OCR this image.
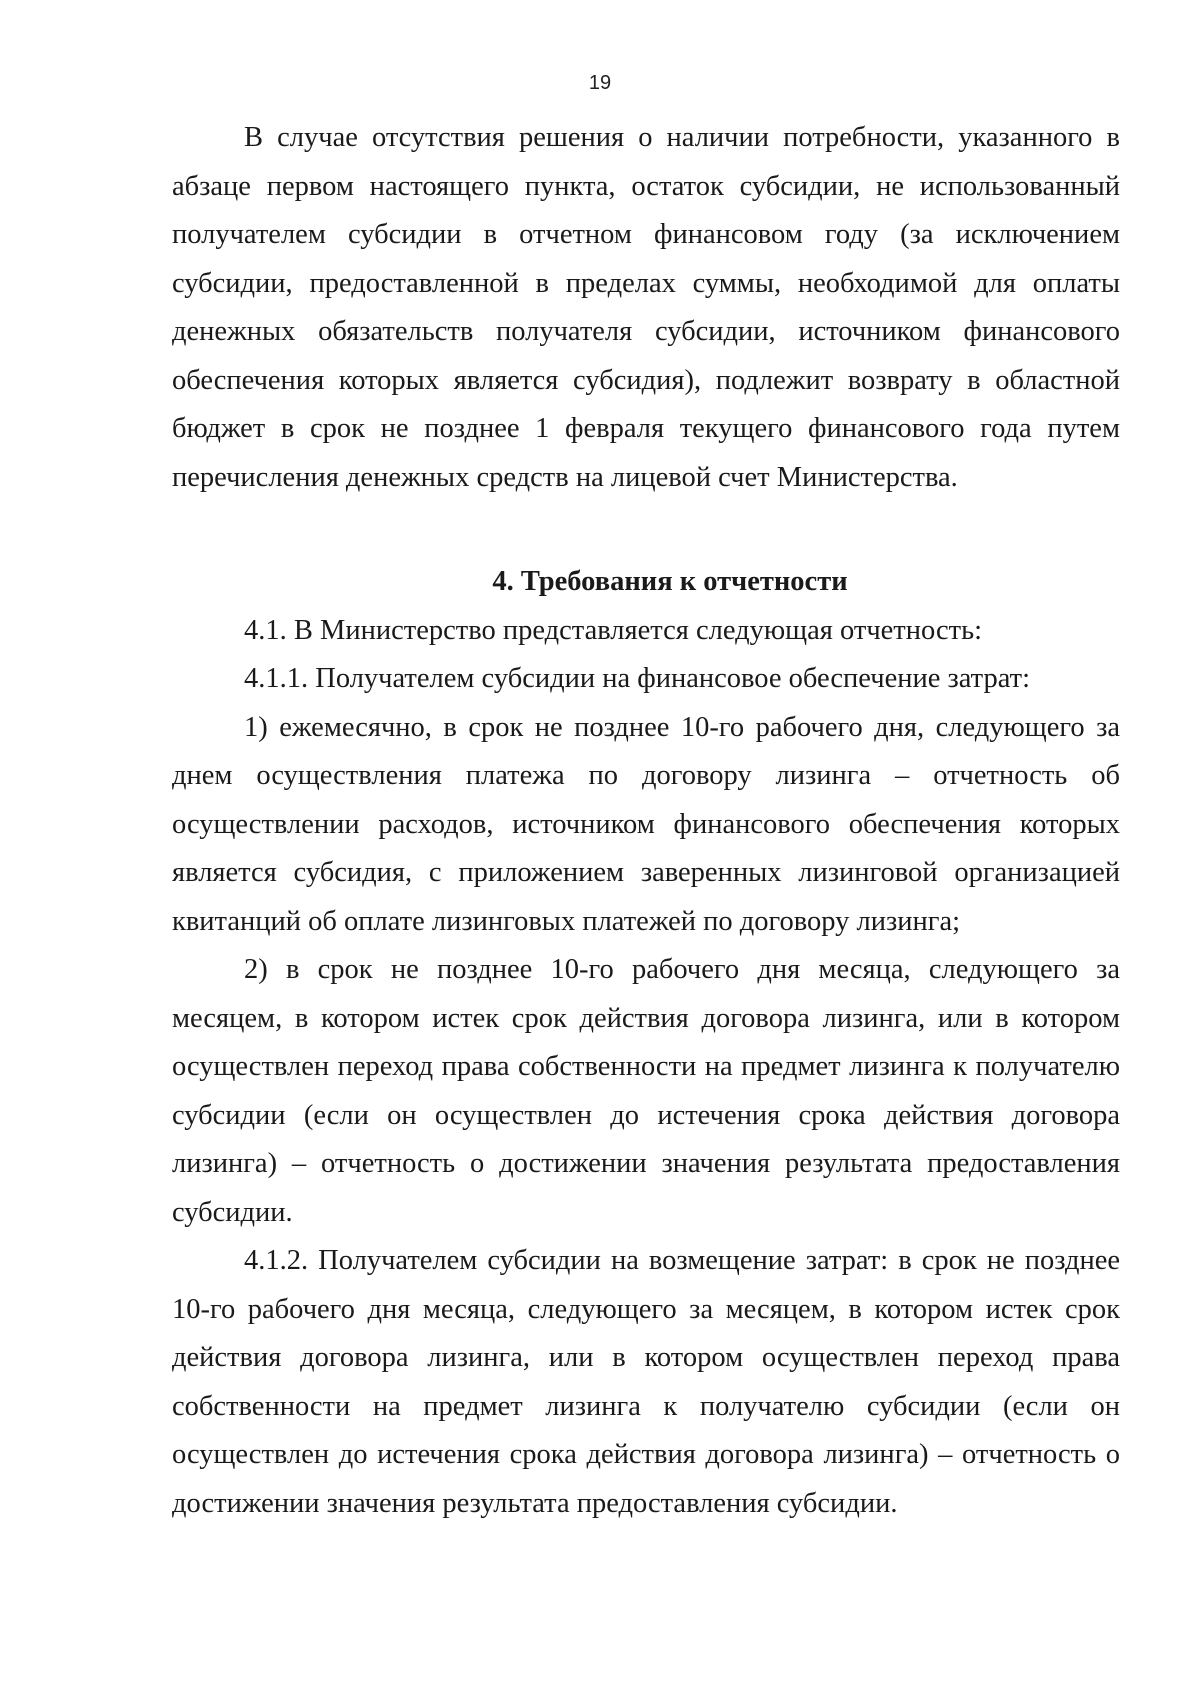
19

В случае отсутствия решения о наличии потребности, указанного в абзаце первом настоящего пункта, остаток субсидии, не использованный получателем субсидии в отчетном финансовом году (за исключением субсидии, предоставленной в пределах суммы, необходимой для оплаты денежных обязательств получателя субсидии, источником финансового обеспечения которых является субсидия), подлежит возврату в областной бюджет в срок не позднее 1 февраля текущего финансового года путем перечисления денежных средств на лицевой счет Министерства.

4. Требования к отчетности

4.1. В Министерство представляется следующая отчетность:

4.1.1. Получателем субсидии на финансовое обеспечение затрат:

1) ежемесячно, в срок не позднее 10-го рабочего дня, следующего за днем осуществления платежа по договору лизинга – отчетность об осуществлении расходов, источником финансового обеспечения которых является субсидия, с приложением заверенных лизинговой организацией квитанций об оплате лизинговых платежей по договору лизинга;

2) в срок не позднее 10-го рабочего дня месяца, следующего за месяцем, в котором истек срок действия договора лизинга, или в котором осуществлен переход права собственности на предмет лизинга к получателю субсидии (если он осуществлен до истечения срока действия договора лизинга) – отчетность о достижении значения результата предоставления субсидии.

4.1.2. Получателем субсидии на возмещение затрат: в срок не позднее 10-го рабочего дня месяца, следующего за месяцем, в котором истек срок действия договора лизинга, или в котором осуществлен переход права собственности на предмет лизинга к получателю субсидии (если он осуществлен до истечения срока действия договора лизинга) – отчетность о достижении значения результата предоставления субсидии.
